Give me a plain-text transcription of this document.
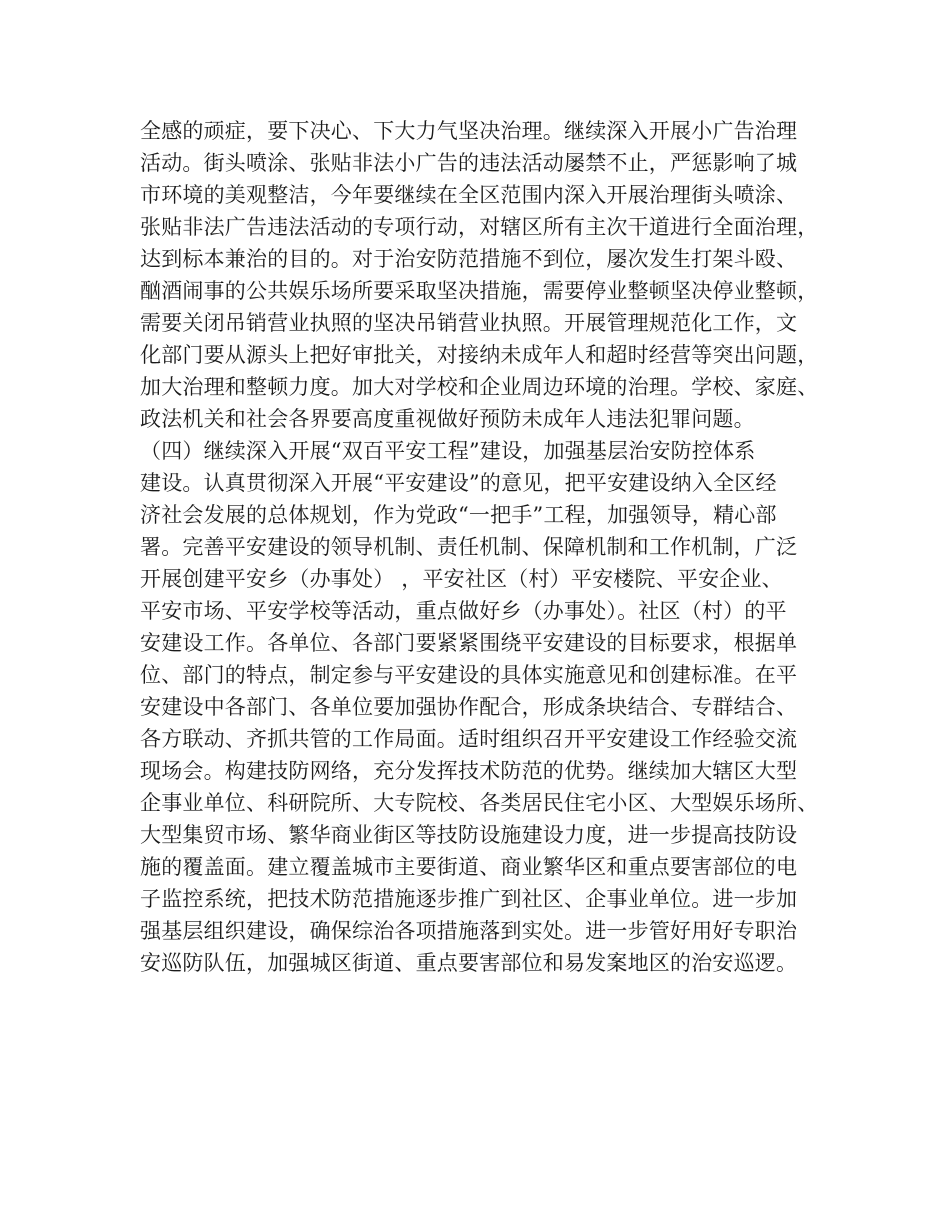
全感的顽症，要下决心、下大力气坚决治理。继续深入开展小广告治理
活动。街头喷涂、张贴非法小广告的违法活动屡禁不止，严惩影响了城
市环境的美观整洁，今年要继续在全区范围内深入开展治理街头喷涂、
张贴非法广告违法活动的专项行动，对辖区所有主次干道进行全面治理，
达到标本兼治的目的。对于治安防范措施不到位，屡次发生打架斗殴、
酗酒闹事的公共娱乐场所要采取坚决措施，需要停业整顿坚决停业整顿，
需要关闭吊销营业执照的坚决吊销营业执照。开展管理规范化工作，文
化部门要从源头上把好审批关，对接纳未成年人和超时经营等突出问题，
加大治理和整顿力度。加大对学校和企业周边环境的治理。学校、家庭、
政法机关和社会各界要高度重视做好预防未成年人违法犯罪问题。
（四）继续深入开展“双百平安工程”建设，加强基层治安防控体系
建设。认真贯彻深入开展“平安建设”的意见，把平安建设纳入全区经
济社会发展的总体规划，作为党政“一把手”工程，加强领导，精心部
署。完善平安建设的领导机制、责任机制、保障机制和工作机制，广泛
开展创建平安乡（办事处） ，平安社区（村）平安楼院、平安企业、
平安市场、平安学校等活动，重点做好乡（办事处）。社区（村）的平
安建设工作。各单位、各部门要紧紧围绕平安建设的目标要求，根据单
位、部门的特点，制定参与平安建设的具体实施意见和创建标准。在平
安建设中各部门、各单位要加强协作配合，形成条块结合、专群结合、
各方联动、齐抓共管的工作局面。适时组织召开平安建设工作经验交流
现场会。构建技防网络，充分发挥技术防范的优势。继续加大辖区大型
企事业单位、科研院所、大专院校、各类居民住宅小区、大型娱乐场所、
大型集贸市场、繁华商业街区等技防设施建设力度，进一步提高技防设
施的覆盖面。建立覆盖城市主要街道、商业繁华区和重点要害部位的电
子监控系统，把技术防范措施逐步推广到社区、企事业单位。进一步加
强基层组织建设，确保综治各项措施落到实处。进一步管好用好专职治
安巡防队伍，加强城区街道、重点要害部位和易发案地区的治安巡逻。
